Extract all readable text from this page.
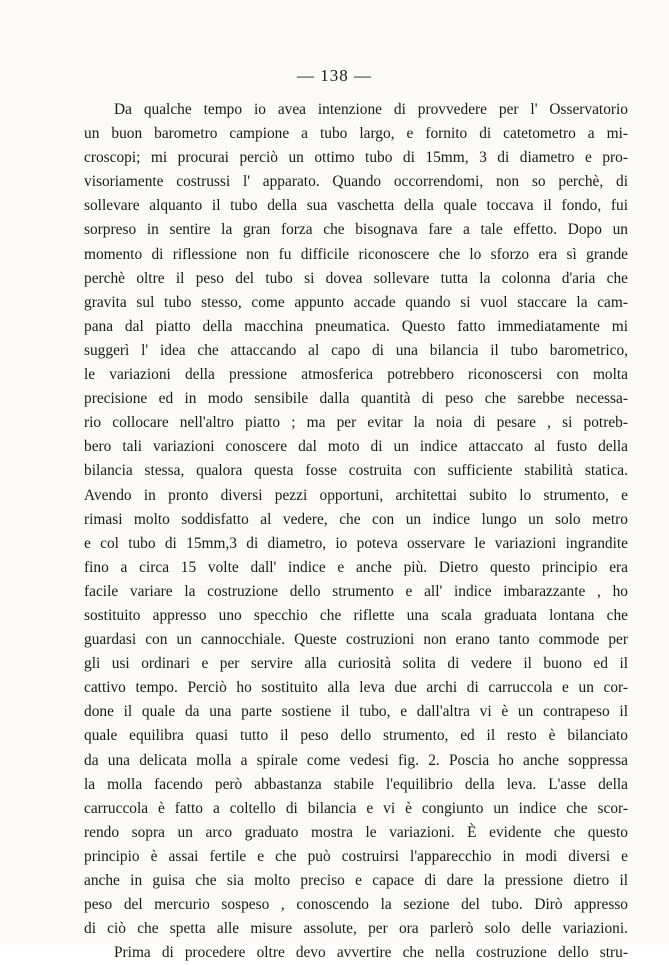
— 138 —
Da qualche tempo io avea intenzione di provvedere per l' Osservatorio
un buon barometro campione a tubo largo, e fornito di catetometro a mi-
croscopi; mi procurai perciò un ottimo tubo di 15mm, 3 di diametro e pro-
visoriamente costrussi l' apparato. Quando occorrendomi, non so perchè, di
sollevare alquanto il tubo della sua vaschetta della quale toccava il fondo, fui
sorpreso in sentire la gran forza che bisognava fare a tale effetto. Dopo un
momento di riflessione non fu difficile riconoscere che lo sforzo era sì grande
perchè oltre il peso del tubo si dovea sollevare tutta la colonna d'aria che
gravita sul tubo stesso, come appunto accade quando si vuol staccare la cam-
pana dal piatto della macchina pneumatica. Questo fatto immediatamente mi
suggerì l' idea che attaccando al capo di una bilancia il tubo barometrico,
le variazioni della pressione atmosferica potrebbero riconoscersi con molta
precisione ed in modo sensibile dalla quantità di peso che sarebbe necessa-
rio collocare nell'altro piatto ; ma per evitar la noia di pesare , si potreb-
bero tali variazioni conoscere dal moto di un indice attaccato al fusto della
bilancia stessa, qualora questa fosse costruita con sufficiente stabilità statica.
Avendo in pronto diversi pezzi opportuni, architettai subito lo strumento, e
rimasi molto soddisfatto al vedere, che con un indice lungo un solo metro
e col tubo di 15mm,3 di diametro, io poteva osservare le variazioni ingrandite
fino a circa 15 volte dall' indice e anche più. Dietro questo principio era
facile variare la costruzione dello strumento e all' indice imbarazzante , ho
sostituito appresso uno specchio che riflette una scala graduata lontana che
guardasi con un cannocchiale. Queste costruzioni non erano tanto commode per
gli usi ordinari e per servire alla curiosità solita di vedere il buono ed il
cattivo tempo. Perciò ho sostituito alla leva due archi di carruccola e un cor-
done il quale da una parte sostiene il tubo, e dall'altra vi è un contrapeso il
quale equilibra quasi tutto il peso dello strumento, ed il resto è bilanciato
da una delicata molla a spirale come vedesi fig. 2. Poscia ho anche soppressa
la molla facendo però abbastanza stabile l'equilibrio della leva. L'asse della
carruccola è fatto a coltello di bilancia e vi è congiunto un indice che scor-
rendo sopra un arco graduato mostra le variazioni. È evidente che questo
principio è assai fertile e che può costruirsi l'apparecchio in modi diversi e
anche in guisa che sia molto preciso e capace di dare la pressione dietro il
peso del mercurio sospeso , conoscendo la sezione del tubo. Dirò appresso
di ciò che spetta alle misure assolute, per ora parlerò solo delle variazioni.
Prima di procedere oltre devo avvertire che nella costruzione dello stru-
